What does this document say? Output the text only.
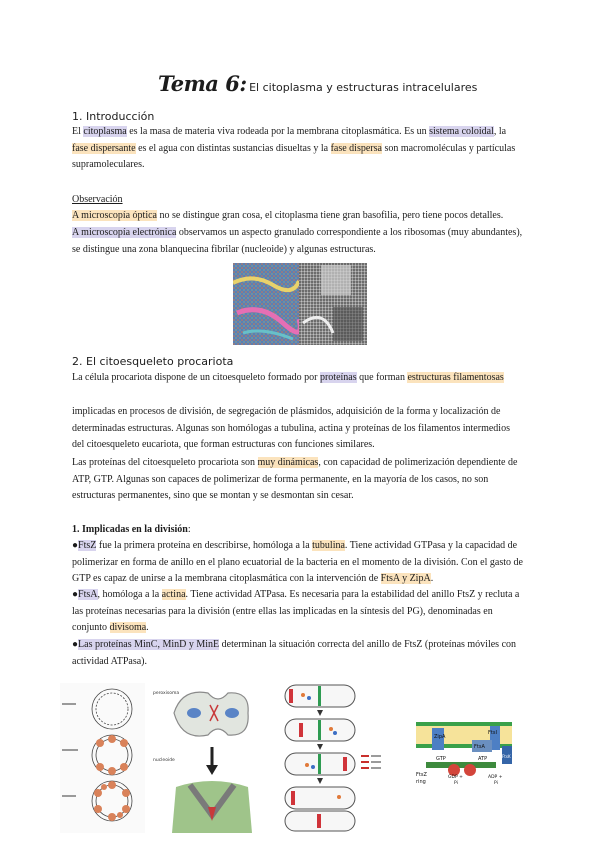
Tema 6: El citoplasma y estructuras intracelulares
1. Introducción
El citoplasma es la masa de materia viva rodeada por la membrana citoplasmática. Es un sistema coloidal, la fase dispersante es el agua con distintas sustancias disueltas y la fase dispersa son macromoléculas y partículas supramoleculares.
Observación
A microscopía óptica no se distingue gran cosa, el citoplasma tiene gran basofilia, pero tiene pocos detalles.
A microscopía electrónica observamos un aspecto granulado correspondiente a los ribosomas (muy abundantes), se distingue una zona blanquecina fibrilar (nucleoide) y algunas estructuras.
2. El citoesqueleto procariota
La célula procariota dispone de un citoesqueleto formado por proteínas que forman estructuras filamentosas
implicadas en procesos de división, de segregación de plásmidos, adquisición de la forma y localización de determinadas estructuras. Algunas son homólogas a tubulina, actina y proteínas de los filamentos intermedios del citoesqueleto eucariota, que forman estructuras con funciones similares.
Las proteínas del citoesqueleto procariota son muy dinámicas, con capacidad de polimerización dependiente de ATP, GTP. Algunas son capaces de polimerizar de forma permanente, en la mayoría de los casos, no son estructuras permanentes, sino que se montan y se desmontan sin cesar.
1. Implicadas en la división:
●FtsZ fue la primera proteína en describirse, homóloga a la tubulina. Tiene actividad GTPasa y la capacidad de polimerizar en forma de anillo en el plano ecuatorial de la bacteria en el momento de la división. Con el gasto de GTP es capaz de unirse a la membrana citoplasmática con la intervención de FtsA y ZipA.
●FtsA, homóloga a la actina. Tiene actividad ATPasa. Es necesaria para la estabilidad del anillo FtsZ y recluta a las proteínas necesarias para la división (entre ellas las implicadas en la síntesis del PG), denominadas en conjunto divisoma.
●Las proteínas MinC, MinD y MinE determinan la situación correcta del anillo de FtsZ (proteínas móviles con actividad ATPasa).
peroxisoma
nucleoide
ZipA
FtsI
FtsA
ATP
GTP
GDP +
Pi
ADP +
Pi
FtsZ
ring
FtsK
